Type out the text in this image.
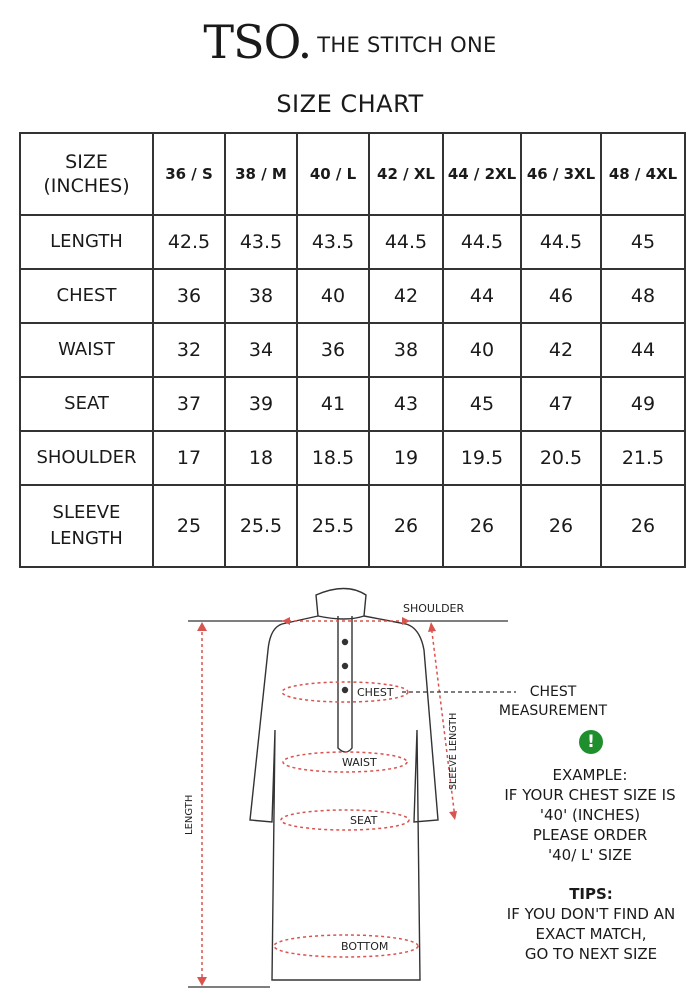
TSO. THE STITCH ONE
SIZE CHART
SIZE
(INCHES)	36 / S	38 / M	40 / L	42 / XL	44 / 2XL	46 / 3XL	48 / 4XL
LENGTH	42.5	43.5	43.5	44.5	44.5	44.5	45
CHEST	36	38	40	42	44	46	48
WAIST	32	34	36	38	40	42	44
SEAT	37	39	41	43	45	47	49
SHOULDER	17	18	18.5	19	19.5	20.5	21.5

SLEEVE
LENGTH	25	25.5	25.5	26	26	26	26
SHOULDER
CHEST
WAIST
SEAT
BOTTOM
LENGTH
SLEEVE LENGTH
CHEST
MEASUREMENT
!
EXAMPLE:
IF YOUR CHEST SIZE IS
'40' (INCHES)
PLEASE ORDER
'40/ L' SIZE
TIPS:
IF YOU DON'T FIND AN
EXACT MATCH,
GO TO NEXT SIZE
